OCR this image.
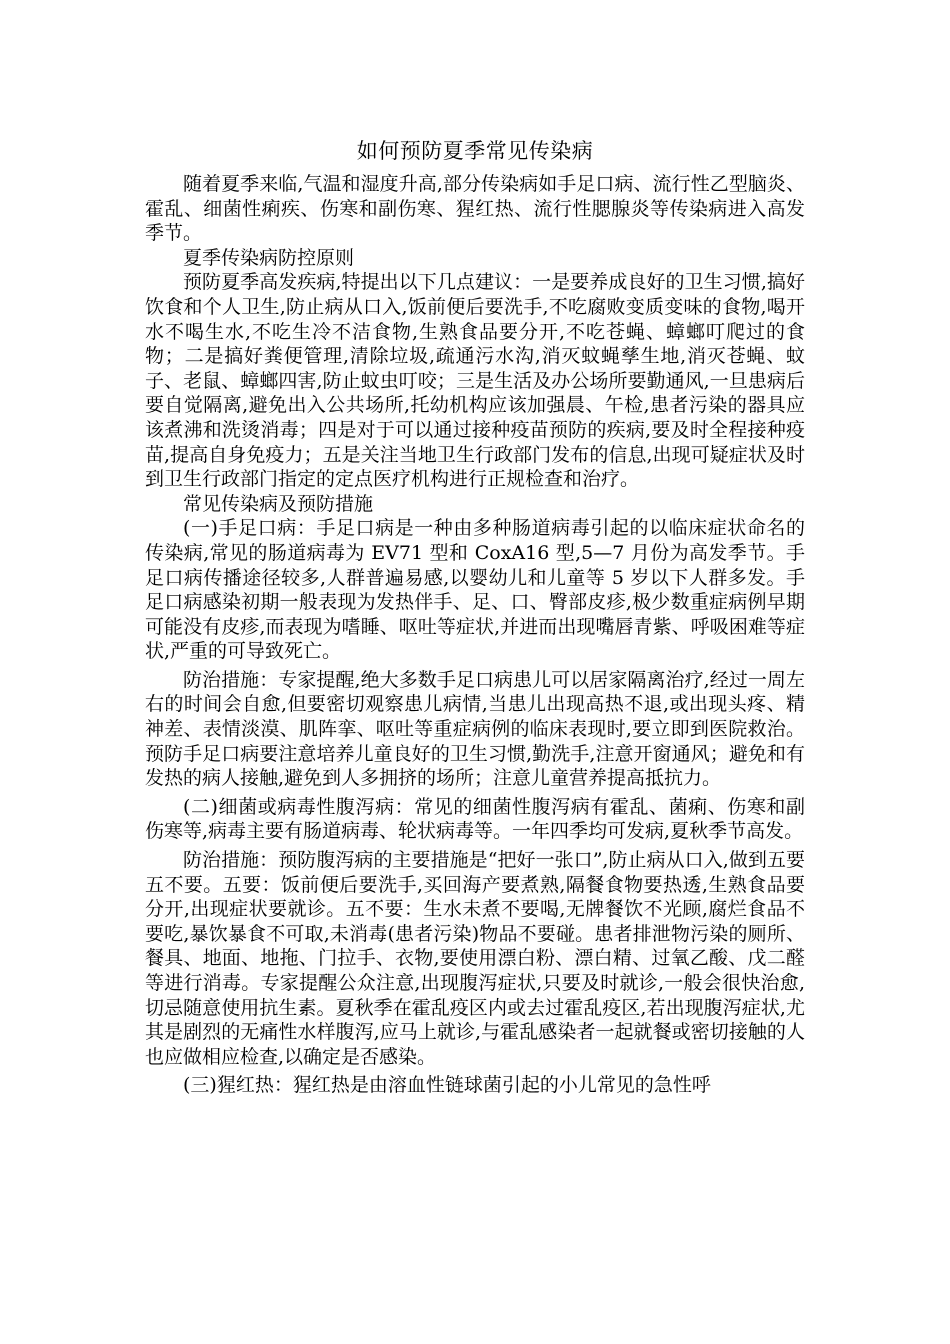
如何预防夏季常见传染病

随着夏季来临,气温和湿度升高,部分传染病如手足口病、流行性乙型脑炎、霍乱、细菌性痢疾、伤寒和副伤寒、猩红热、流行性腮腺炎等传染病进入高发季节。

夏季传染病防控原则

预防夏季高发疾病,特提出以下几点建议：一是要养成良好的卫生习惯,搞好饮食和个人卫生,防止病从口入,饭前便后要洗手,不吃腐败变质变味的食物,喝开水不喝生水,不吃生冷不洁食物,生熟食品要分开,不吃苍蝇、蟑螂叮爬过的食物；二是搞好粪便管理,清除垃圾,疏通污水沟,消灭蚊蝇孳生地,消灭苍蝇、蚊子、老鼠、蟑螂四害,防止蚊虫叮咬；三是生活及办公场所要勤通风,一旦患病后要自觉隔离,避免出入公共场所,托幼机构应该加强晨、午检,患者污染的器具应该煮沸和洗烫消毒；四是对于可以通过接种疫苗预防的疾病,要及时全程接种疫苗,提高自身免疫力；五是关注当地卫生行政部门发布的信息,出现可疑症状及时到卫生行政部门指定的定点医疗机构进行正规检查和治疗。

常见传染病及预防措施

(一)手足口病：手足口病是一种由多种肠道病毒引起的以临床症状命名的传染病,常见的肠道病毒为 EV71 型和 CoxA16 型,5—7 月份为高发季节。手足口病传播途径较多,人群普遍易感,以婴幼儿和儿童等 5 岁以下人群多发。手足口病感染初期一般表现为发热伴手、足、口、臀部皮疹,极少数重症病例早期可能没有皮疹,而表现为嗜睡、呕吐等症状,并进而出现嘴唇青紫、呼吸困难等症状,严重的可导致死亡。

防治措施：专家提醒,绝大多数手足口病患儿可以居家隔离治疗,经过一周左右的时间会自愈,但要密切观察患儿病情,当患儿出现高热不退,或出现头疼、精神差、表情淡漠、肌阵挛、呕吐等重症病例的临床表现时,要立即到医院救治。预防手足口病要注意培养儿童良好的卫生习惯,勤洗手,注意开窗通风；避免和有发热的病人接触,避免到人多拥挤的场所；注意儿童营养提高抵抗力。

(二)细菌或病毒性腹泻病：常见的细菌性腹泻病有霍乱、菌痢、伤寒和副伤寒等,病毒主要有肠道病毒、轮状病毒等。一年四季均可发病,夏秋季节高发。

防治措施：预防腹泻病的主要措施是“把好一张口”,防止病从口入,做到五要五不要。五要：饭前便后要洗手,买回海产要煮熟,隔餐食物要热透,生熟食品要分开,出现症状要就诊。五不要：生水未煮不要喝,无牌餐饮不光顾,腐烂食品不要吃,暴饮暴食不可取,未消毒(患者污染)物品不要碰。患者排泄物污染的厕所、餐具、地面、地拖、门拉手、衣物,要使用漂白粉、漂白精、过氧乙酸、戊二醛等进行消毒。专家提醒公众注意,出现腹泻症状,只要及时就诊,一般会很快治愈,切忌随意使用抗生素。夏秋季在霍乱疫区内或去过霍乱疫区,若出现腹泻症状,尤其是剧烈的无痛性水样腹泻,应马上就诊,与霍乱感染者一起就餐或密切接触的人也应做相应检查,以确定是否感染。

(三)猩红热：猩红热是由溶血性链球菌引起的小儿常见的急性呼
